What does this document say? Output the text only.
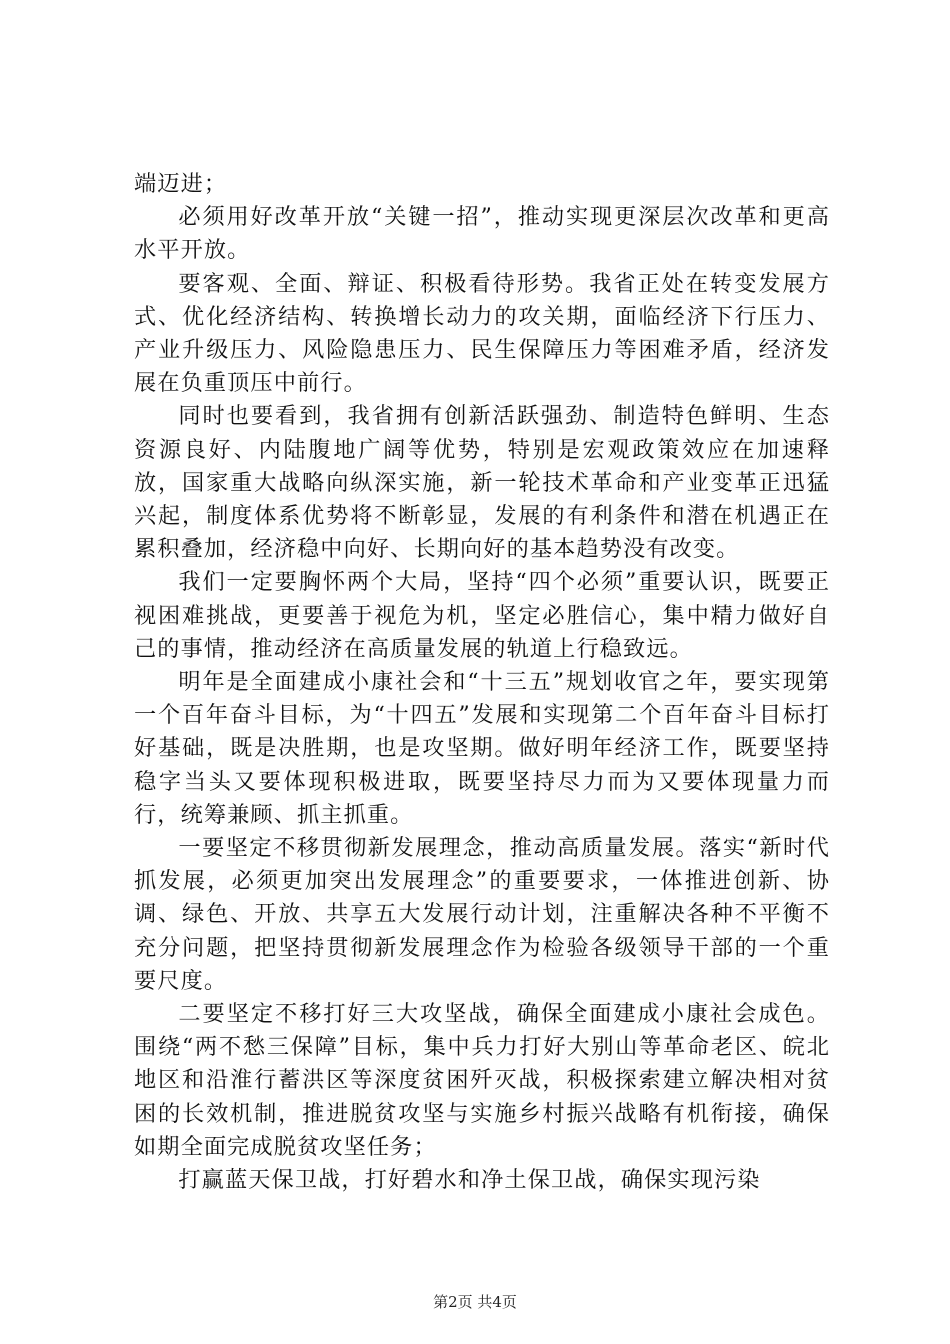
端迈进；

必须用好改革开放“关键一招”，推动实现更深层次改革和更高水平开放。

要客观、全面、辩证、积极看待形势。我省正处在转变发展方式、优化经济结构、转换增长动力的攻关期，面临经济下行压力、产业升级压力、风险隐患压力、民生保障压力等困难矛盾，经济发展在负重顶压中前行。

同时也要看到，我省拥有创新活跃强劲、制造特色鲜明、生态资源良好、内陆腹地广阔等优势，特别是宏观政策效应在加速释放，国家重大战略向纵深实施，新一轮技术革命和产业变革正迅猛兴起，制度体系优势将不断彰显，发展的有利条件和潜在机遇正在累积叠加，经济稳中向好、长期向好的基本趋势没有改变。

我们一定要胸怀两个大局，坚持“四个必须”重要认识，既要正视困难挑战，更要善于视危为机，坚定必胜信心，集中精力做好自己的事情，推动经济在高质量发展的轨道上行稳致远。

明年是全面建成小康社会和“十三五”规划收官之年，要实现第一个百年奋斗目标，为“十四五”发展和实现第二个百年奋斗目标打好基础，既是决胜期，也是攻坚期。做好明年经济工作，既要坚持稳字当头又要体现积极进取，既要坚持尽力而为又要体现量力而行，统筹兼顾、抓主抓重。

一要坚定不移贯彻新发展理念，推动高质量发展。落实“新时代抓发展，必须更加突出发展理念”的重要要求，一体推进创新、协调、绿色、开放、共享五大发展行动计划，注重解决各种不平衡不充分问题，把坚持贯彻新发展理念作为检验各级领导干部的一个重要尺度。

二要坚定不移打好三大攻坚战，确保全面建成小康社会成色。围绕“两不愁三保障”目标，集中兵力打好大别山等革命老区、皖北地区和沿淮行蓄洪区等深度贫困歼灭战，积极探索建立解决相对贫困的长效机制，推进脱贫攻坚与实施乡村振兴战略有机衔接，确保如期全面完成脱贫攻坚任务；

打赢蓝天保卫战，打好碧水和净土保卫战，确保实现污染

第2页 共4页
